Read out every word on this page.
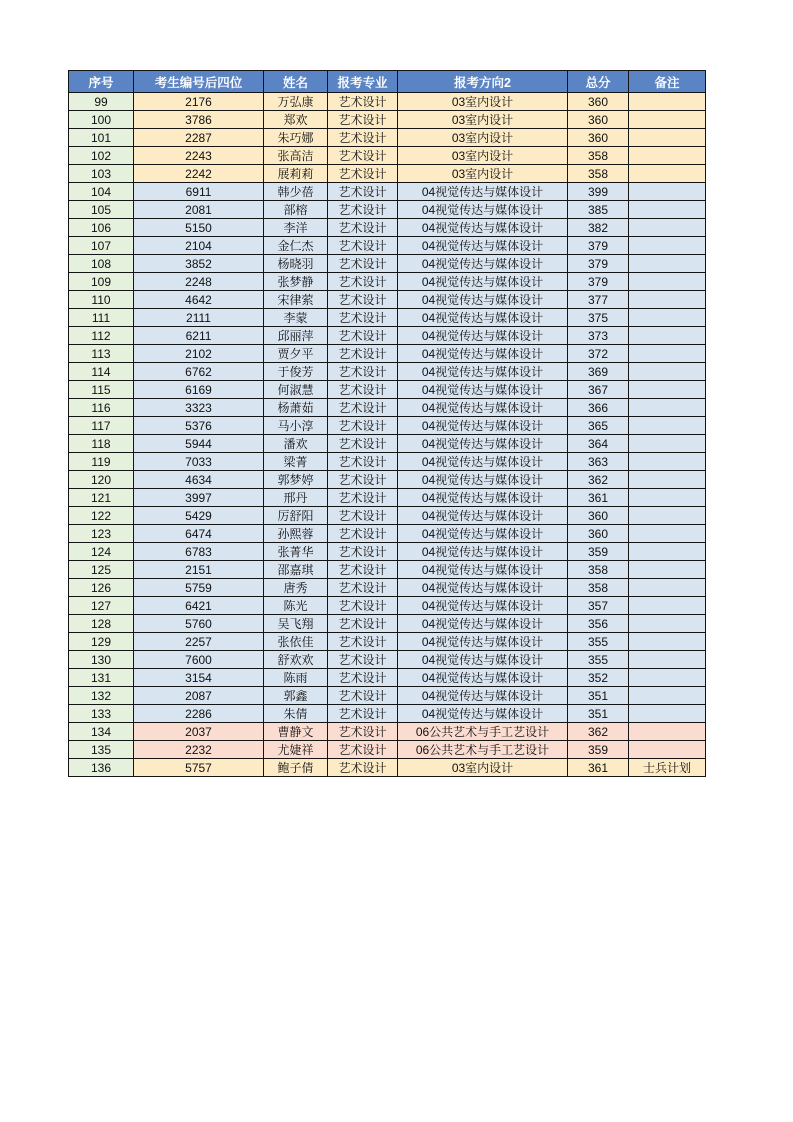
序号	考生编号后四位	姓名	报考专业	报考方向2	总分	备注
99	2176	万弘康	艺术设计	03室内设计	360	
100	3786	郑欢	艺术设计	03室内设计	360	
101	2287	朱巧娜	艺术设计	03室内设计	360	
102	2243	张高洁	艺术设计	03室内设计	358	
103	2242	展莉莉	艺术设计	03室内设计	358	
104	6911	韩少蓓	艺术设计	04视觉传达与媒体设计	399	
105	2081	部榕	艺术设计	04视觉传达与媒体设计	385	
106	5150	李洋	艺术设计	04视觉传达与媒体设计	382	
107	2104	金仁杰	艺术设计	04视觉传达与媒体设计	379	
108	3852	杨晓羽	艺术设计	04视觉传达与媒体设计	379	
109	2248	张梦静	艺术设计	04视觉传达与媒体设计	379	
110	4642	宋律萦	艺术设计	04视觉传达与媒体设计	377	
111	2111	李蒙	艺术设计	04视觉传达与媒体设计	375	
112	6211	邱丽萍	艺术设计	04视觉传达与媒体设计	373	
113	2102	贾夕平	艺术设计	04视觉传达与媒体设计	372	
114	6762	于俊芳	艺术设计	04视觉传达与媒体设计	369	
115	6169	何淑慧	艺术设计	04视觉传达与媒体设计	367	
116	3323	杨萧茹	艺术设计	04视觉传达与媒体设计	366	
117	5376	马小淳	艺术设计	04视觉传达与媒体设计	365	
118	5944	潘欢	艺术设计	04视觉传达与媒体设计	364	
119	7033	梁菁	艺术设计	04视觉传达与媒体设计	363	
120	4634	郭梦婷	艺术设计	04视觉传达与媒体设计	362	
121	3997	邢丹	艺术设计	04视觉传达与媒体设计	361	
122	5429	厉舒阳	艺术设计	04视觉传达与媒体设计	360	
123	6474	孙熙蓉	艺术设计	04视觉传达与媒体设计	360	
124	6783	张菁华	艺术设计	04视觉传达与媒体设计	359	
125	2151	邵嘉琪	艺术设计	04视觉传达与媒体设计	358	
126	5759	唐秀	艺术设计	04视觉传达与媒体设计	358	
127	6421	陈光	艺术设计	04视觉传达与媒体设计	357	
128	5760	吴飞翔	艺术设计	04视觉传达与媒体设计	356	
129	2257	张依佳	艺术设计	04视觉传达与媒体设计	355	
130	7600	舒欢欢	艺术设计	04视觉传达与媒体设计	355	
131	3154	陈雨	艺术设计	04视觉传达与媒体设计	352	
132	2087	郭鑫	艺术设计	04视觉传达与媒体设计	351	
133	2286	朱倩	艺术设计	04视觉传达与媒体设计	351	
134	2037	曹静文	艺术设计	06公共艺术与手工艺设计	362	
135	2232	尤婕祥	艺术设计	06公共艺术与手工艺设计	359	
136	5757	鲍子倩	艺术设计	03室内设计	361	士兵计划
